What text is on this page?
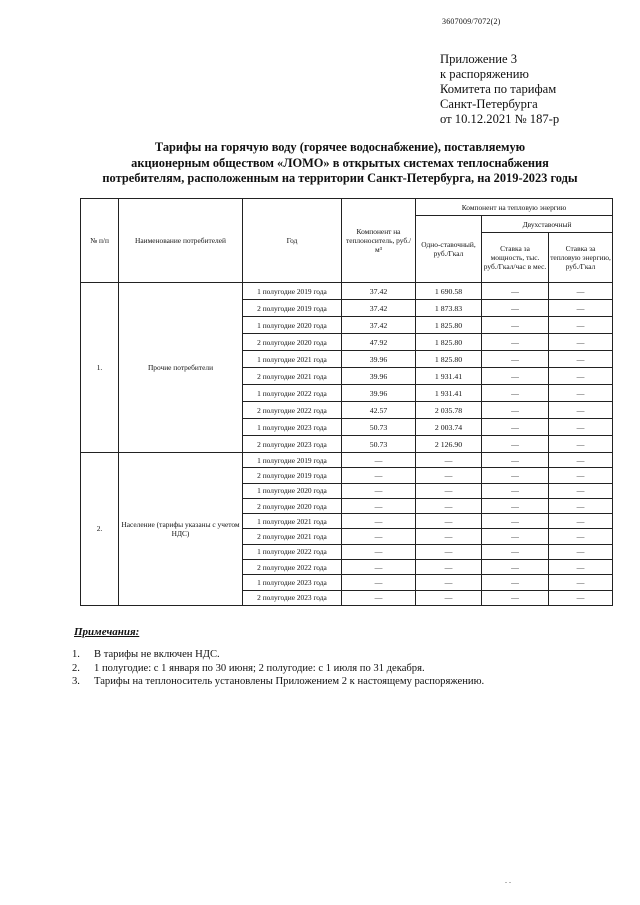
3607009/7072(2)
Приложение 3
к распоряжению
Комитета по тарифам
Санкт-Петербурга
от 10.12.2021 № 187-р
Тарифы на горячую воду (горячее водоснабжение), поставляемую
акционерным обществом «ЛОМО» в открытых системах теплоснабжения
потребителям, расположенным на территории Санкт-Петербурга, на 2019-2023 годы
№ п/п	Наименование потребителей	Год	Компонент на теплоноситель, руб./м³	Компонент на тепловую энергию		
				Одно-ставочный, руб./Гкал	Двухставочный	
					Ставка за мощность, тыс. руб./Гкал/час в мес.	Ставка за тепловую энергию, руб./Гкал
1.	Прочие потребители	1 полугодие 2019 года	37.42	1 690.58	—	—
		2 полугодие 2019 года	37.42	1 873.83	—	—
		1 полугодие 2020 года	37.42	1 825.80	—	—
		2 полугодие 2020 года	47.92	1 825.80	—	—
		1 полугодие 2021 года	39.96	1 825.80	—	—
		2 полугодие 2021 года	39.96	1 931.41	—	—
		1 полугодие 2022 года	39.96	1 931.41	—	—
		2 полугодие 2022 года	42.57	2 035.78	—	—
		1 полугодие 2023 года	50.73	2 003.74	—	—
		2 полугодие 2023 года	50.73	2 126.90	—	—
2.	Население (тарифы указаны с учетом НДС)	1 полугодие 2019 года	—	—	—	—
		2 полугодие 2019 года	—	—	—	—
		1 полугодие 2020 года	—	—	—	—
		2 полугодие 2020 года	—	—	—	—
		1 полугодие 2021 года	—	—	—	—
		2 полугодие 2021 года	—	—	—	—
		1 полугодие 2022 года	—	—	—	—
		2 полугодие 2022 года	—	—	—	—
		1 полугодие 2023 года	—	—	—	—
		2 полугодие 2023 года	—	—	—	—
Примечания:
1.	В тарифы не включен НДС.
2.	1 полугодие: с 1 января по 30 июня; 2 полугодие: с 1 июля по 31 декабря.
3.	Тарифы на теплоноситель установлены Приложением 2 к настоящему распоряжению.
. .
